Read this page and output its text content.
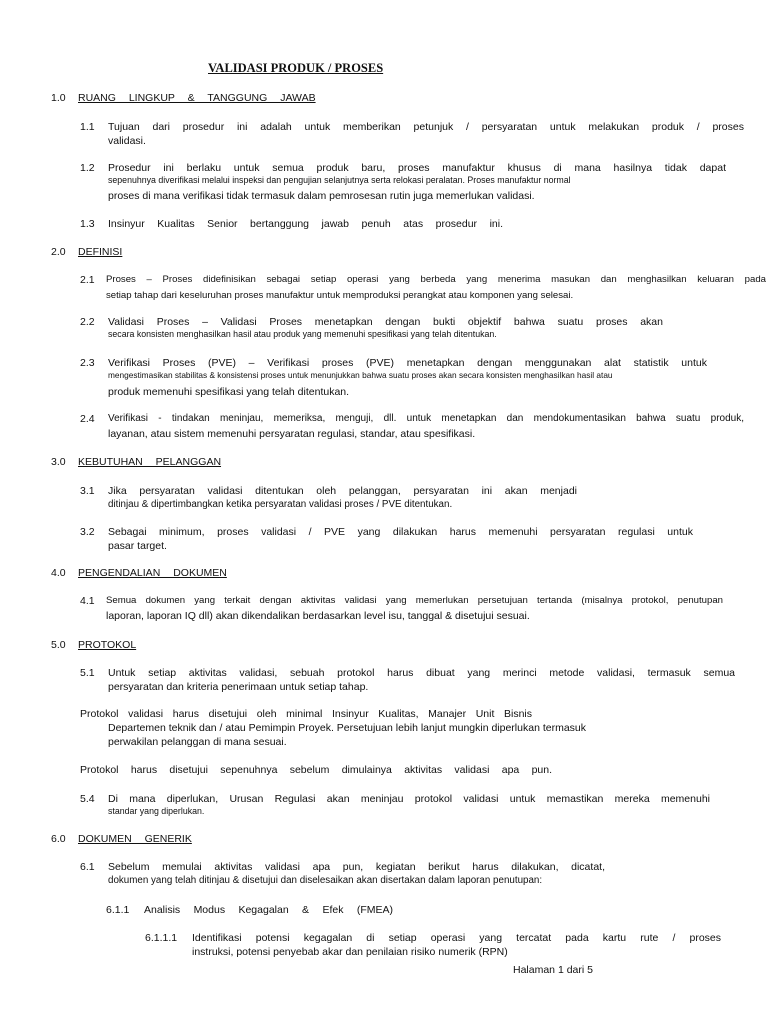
VALIDASI PRODUK / PROSES
1.0 RUANG LINGKUP & TANGGUNG JAWAB
1.1 Tujuan dari prosedur ini adalah untuk memberikan petunjuk / persyaratan untuk melakukan produk / proses
validasi.
1.2 Prosedur ini berlaku untuk semua produk baru, proses manufaktur khusus di mana hasilnya tidak dapat
sepenuhnya diverifikasi melalui inspeksi dan pengujian selanjutnya serta relokasi peralatan. Proses manufaktur normal
proses di mana verifikasi tidak termasuk dalam pemrosesan rutin juga memerlukan validasi.
1.3 Insinyur Kualitas Senior bertanggung jawab penuh atas prosedur ini.
2.0 DEFINISI
2.1 Proses – Proses didefinisikan sebagai setiap operasi yang berbeda yang menerima masukan dan menghasilkan keluaran pada
setiap tahap dari keseluruhan proses manufaktur untuk memproduksi perangkat atau komponen yang selesai.
2.2 Validasi Proses – Validasi Proses menetapkan dengan bukti objektif bahwa suatu proses akan
secara konsisten menghasilkan hasil atau produk yang memenuhi spesifikasi yang telah ditentukan.
2.3 Verifikasi Proses (PVE) – Verifikasi proses (PVE) menetapkan dengan menggunakan alat statistik untuk
mengestimasikan stabilitas & konsistensi proses untuk menunjukkan bahwa suatu proses akan secara konsisten menghasilkan hasil atau
produk memenuhi spesifikasi yang telah ditentukan.
2.4 Verifikasi - tindakan meninjau, memeriksa, menguji, dll. untuk menetapkan dan mendokumentasikan bahwa suatu produk,
layanan, atau sistem memenuhi persyaratan regulasi, standar, atau spesifikasi.
3.0 KEBUTUHAN PELANGGAN
3.1 Jika persyaratan validasi ditentukan oleh pelanggan, persyaratan ini akan menjadi
ditinjau & dipertimbangkan ketika persyaratan validasi proses / PVE ditentukan.
3.2 Sebagai minimum, proses validasi / PVE yang dilakukan harus memenuhi persyaratan regulasi untuk
pasar target.
4.0 PENGENDALIAN DOKUMEN
4.1 Semua dokumen yang terkait dengan aktivitas validasi yang memerlukan persetujuan tertanda (misalnya protokol, penutupan
laporan, laporan IQ dll) akan dikendalikan berdasarkan level isu, tanggal & disetujui sesuai.
5.0 PROTOKOL
5.1 Untuk setiap aktivitas validasi, sebuah protokol harus dibuat yang merinci metode validasi, termasuk semua
persyaratan dan kriteria penerimaan untuk setiap tahap.
Protokol validasi harus disetujui oleh minimal Insinyur Kualitas, Manajer Unit Bisnis
Departemen teknik dan / atau Pemimpin Proyek. Persetujuan lebih lanjut mungkin diperlukan termasuk
perwakilan pelanggan di mana sesuai.
Protokol harus disetujui sepenuhnya sebelum dimulainya aktivitas validasi apa pun.
5.4 Di mana diperlukan, Urusan Regulasi akan meninjau protokol validasi untuk memastikan mereka memenuhi
standar yang diperlukan.
6.0 DOKUMEN GENERIK
6.1 Sebelum memulai aktivitas validasi apa pun, kegiatan berikut harus dilakukan, dicatat,
dokumen yang telah ditinjau & disetujui dan diselesaikan akan disertakan dalam laporan penutupan:
6.1.1 Analisis Modus Kegagalan & Efek (FMEA)
6.1.1.1 Identifikasi potensi kegagalan di setiap operasi yang tercatat pada kartu rute / proses
instruksi, potensi penyebab akar dan penilaian risiko numerik (RPN)
Halaman 1 dari 5
